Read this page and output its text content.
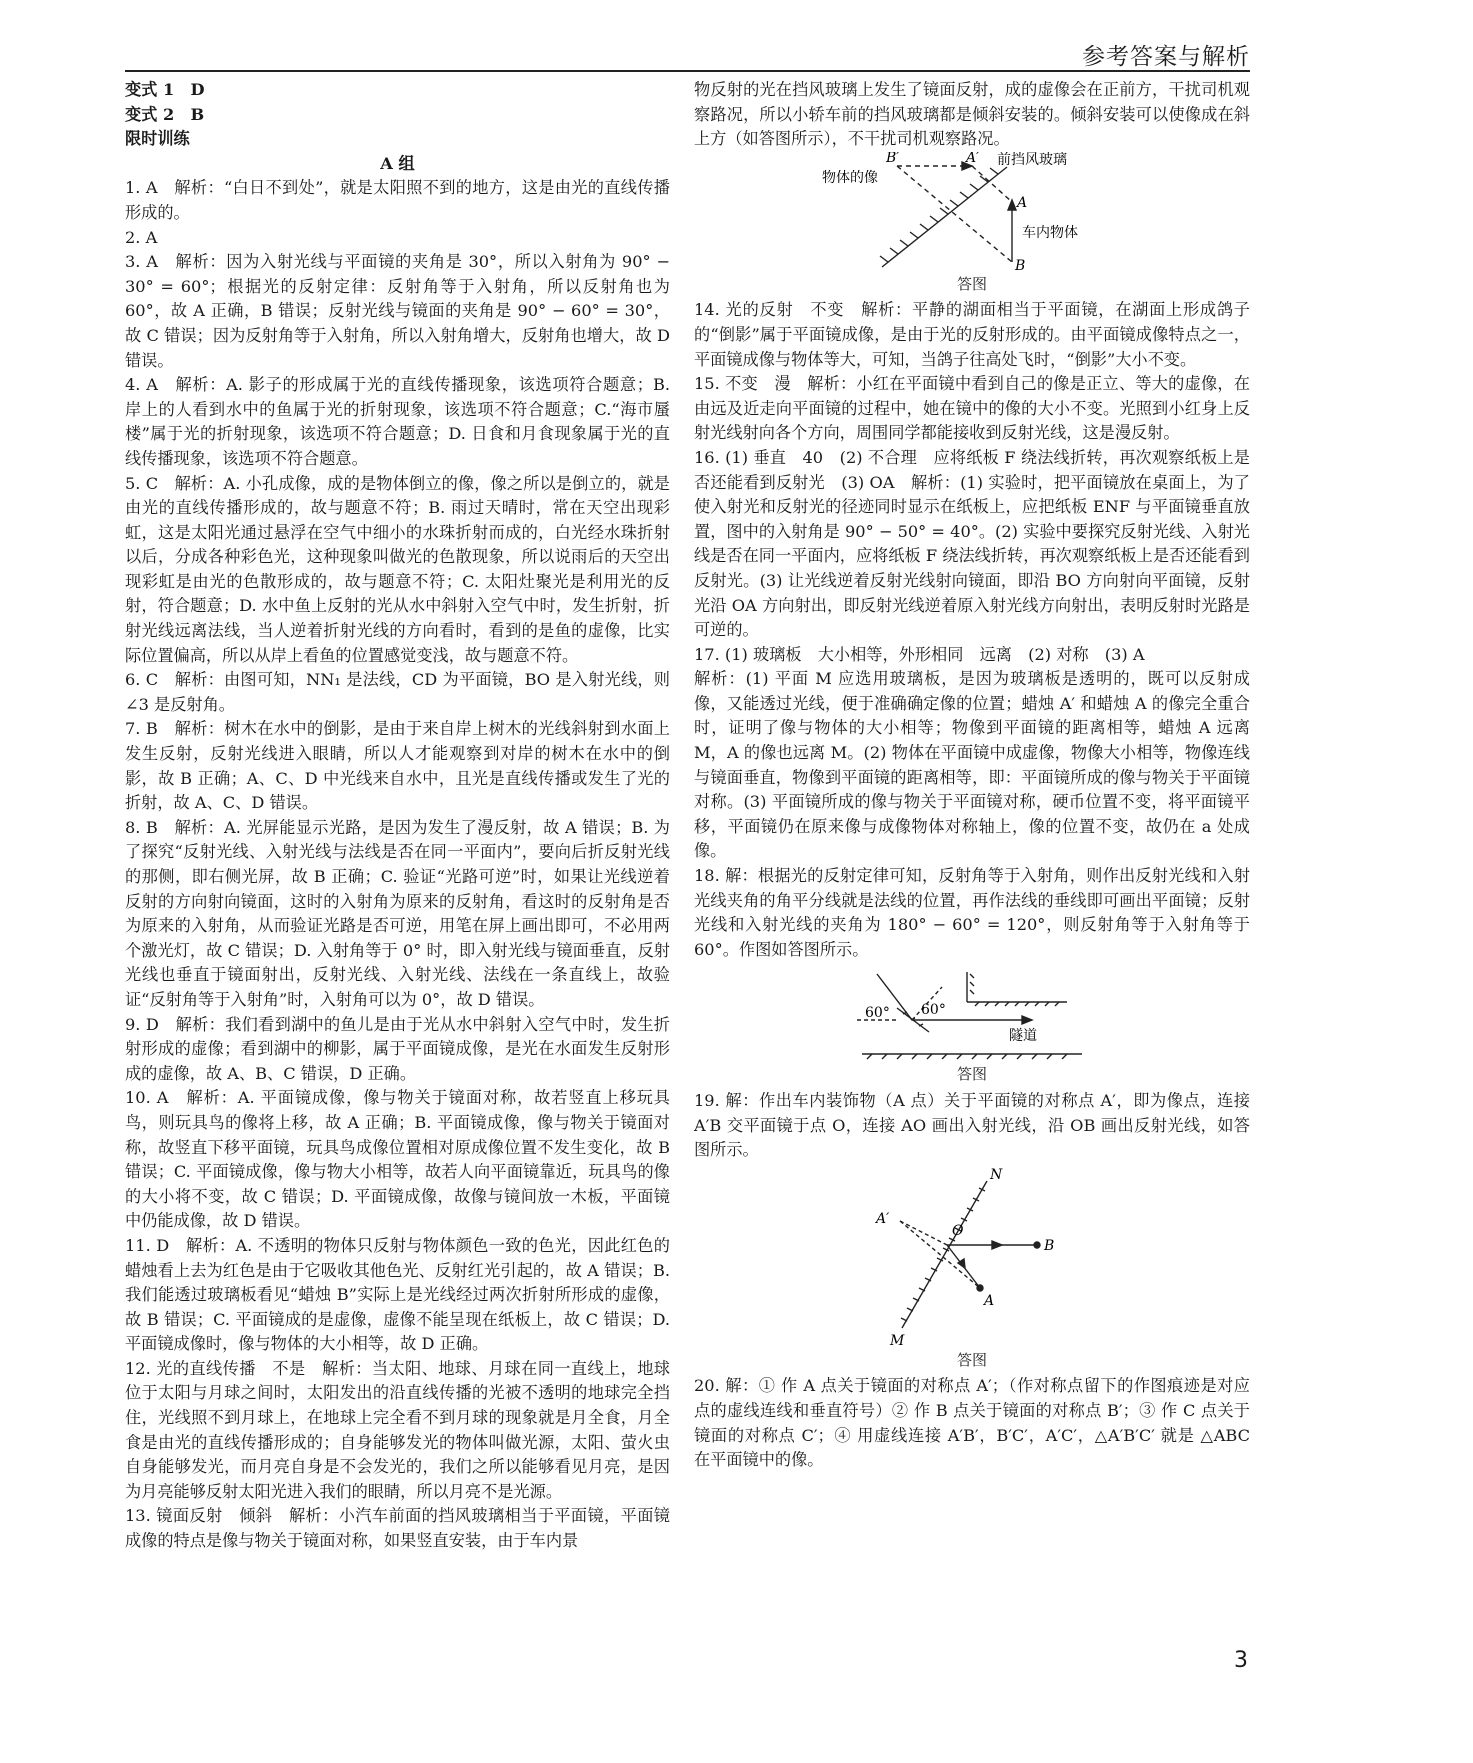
参考答案与解析

变式 1　D

变式 2　B

限时训练

A 组

1. A　解析：“白日不到处”，就是太阳照不到的地方，这是由光的直线传播形成的。

2. A

3. A　解析：因为入射光线与平面镜的夹角是 30°，所以入射角为 90° − 30° = 60°；根据光的反射定律：反射角等于入射角，所以反射角也为 60°，故 A 正确，B 错误；反射光线与镜面的夹角是 90° − 60° = 30°，故 C 错误；因为反射角等于入射角，所以入射角增大，反射角也增大，故 D 错误。

4. A　解析：A. 影子的形成属于光的直线传播现象，该选项符合题意；B. 岸上的人看到水中的鱼属于光的折射现象，该选项不符合题意；C.“海市蜃楼”属于光的折射现象，该选项不符合题意；D. 日食和月食现象属于光的直线传播现象，该选项不符合题意。

5. C　解析：A. 小孔成像，成的是物体倒立的像，像之所以是倒立的，就是由光的直线传播形成的，故与题意不符；B. 雨过天晴时，常在天空出现彩虹，这是太阳光通过悬浮在空气中细小的水珠折射而成的，白光经水珠折射以后，分成各种彩色光，这种现象叫做光的色散现象，所以说雨后的天空出现彩虹是由光的色散形成的，故与题意不符；C. 太阳灶聚光是利用光的反射，符合题意；D. 水中鱼上反射的光从水中斜射入空气中时，发生折射，折射光线远离法线，当人逆着折射光线的方向看时，看到的是鱼的虚像，比实际位置偏高，所以从岸上看鱼的位置感觉变浅，故与题意不符。

6. C　解析：由图可知，NN₁ 是法线，CD 为平面镜，BO 是入射光线，则 ∠3 是反射角。

7. B　解析：树木在水中的倒影，是由于来自岸上树木的光线斜射到水面上发生反射，反射光线进入眼睛，所以人才能观察到对岸的树木在水中的倒影，故 B 正确；A、C、D 中光线来自水中，且光是直线传播或发生了光的折射，故 A、C、D 错误。

8. B　解析：A. 光屏能显示光路，是因为发生了漫反射，故 A 错误；B. 为了探究“反射光线、入射光线与法线是否在同一平面内”，要向后折反射光线的那侧，即右侧光屏，故 B 正确；C. 验证“光路可逆”时，如果让光线逆着反射的方向射向镜面，这时的入射角为原来的反射角，看这时的反射角是否为原来的入射角，从而验证光路是否可逆，用笔在屏上画出即可，不必用两个激光灯，故 C 错误；D. 入射角等于 0° 时，即入射光线与镜面垂直，反射光线也垂直于镜面射出，反射光线、入射光线、法线在一条直线上，故验证“反射角等于入射角”时，入射角可以为 0°，故 D 错误。

9. D　解析：我们看到湖中的鱼儿是由于光从水中斜射入空气中时，发生折射形成的虚像；看到湖中的柳影，属于平面镜成像，是光在水面发生反射形成的虚像，故 A、B、C 错误，D 正确。

10. A　解析：A. 平面镜成像，像与物关于镜面对称，故若竖直上移玩具鸟，则玩具鸟的像将上移，故 A 正确；B. 平面镜成像，像与物关于镜面对称，故竖直下移平面镜，玩具鸟成像位置相对原成像位置不发生变化，故 B 错误；C. 平面镜成像，像与物大小相等，故若人向平面镜靠近，玩具鸟的像的大小将不变，故 C 错误；D. 平面镜成像，故像与镜间放一木板，平面镜中仍能成像，故 D 错误。

11. D　解析：A. 不透明的物体只反射与物体颜色一致的色光，因此红色的蜡烛看上去为红色是由于它吸收其他色光、反射红光引起的，故 A 错误；B. 我们能透过玻璃板看见“蜡烛 B”实际上是光线经过两次折射所形成的虚像，故 B 错误；C. 平面镜成的是虚像，虚像不能呈现在纸板上，故 C 错误；D. 平面镜成像时，像与物体的大小相等，故 D 正确。

12. 光的直线传播　不是　解析：当太阳、地球、月球在同一直线上，地球位于太阳与月球之间时，太阳发出的沿直线传播的光被不透明的地球完全挡住，光线照不到月球上，在地球上完全看不到月球的现象就是月全食，月全食是由光的直线传播形成的；自身能够发光的物体叫做光源，太阳、萤火虫自身能够发光，而月亮自身是不会发光的，我们之所以能够看见月亮，是因为月亮能够反射太阳光进入我们的眼睛，所以月亮不是光源。

13. 镜面反射　倾斜　解析：小汽车前面的挡风玻璃相当于平面镜，平面镜成像的特点是像与物关于镜面对称，如果竖直安装，由于车内景

物反射的光在挡风玻璃上发生了镜面反射，成的虚像会在正前方，干扰司机观察路况，所以小轿车前的挡风玻璃都是倾斜安装的。倾斜安装可以使像成在斜上方（如答图所示），不干扰司机观察路况。

B′	A′
A
B
前挡风玻璃
物体的像
车内物体

答图

14. 光的反射　不变　解析：平静的湖面相当于平面镜，在湖面上形成鸽子的“倒影”属于平面镜成像，是由于光的反射形成的。由平面镜成像特点之一，平面镜成像与物体等大，可知，当鸽子往高处飞时，“倒影”大小不变。

15. 不变　漫　解析：小红在平面镜中看到自己的像是正立、等大的虚像，在由远及近走向平面镜的过程中，她在镜中的像的大小不变。光照到小红身上反射光线射向各个方向，周围同学都能接收到反射光线，这是漫反射。

16. (1) 垂直　40　(2) 不合理　应将纸板 F 绕法线折转，再次观察纸板上是否还能看到反射光　(3) OA　解析：(1) 实验时，把平面镜放在桌面上，为了使入射光和反射光的径迹同时显示在纸板上，应把纸板 ENF 与平面镜垂直放置，图中的入射角是 90° − 50° = 40°。(2) 实验中要探究反射光线、入射光线是否在同一平面内，应将纸板 F 绕法线折转，再次观察纸板上是否还能看到反射光。(3) 让光线逆着反射光线射向镜面，即沿 BO 方向射向平面镜，反射光沿 OA 方向射出，即反射光线逆着原入射光线方向射出，表明反射时光路是可逆的。

17. (1) 玻璃板　大小相等，外形相同　远离　(2) 对称　(3) A

解析：(1) 平面 M 应选用玻璃板，是因为玻璃板是透明的，既可以反射成像，又能透过光线，便于准确确定像的位置；蜡烛 A′ 和蜡烛 A 的像完全重合时，证明了像与物体的大小相等；物像到平面镜的距离相等，蜡烛 A 远离 M，A 的像也远离 M。(2) 物体在平面镜中成虚像，物像大小相等，物像连线与镜面垂直，物像到平面镜的距离相等，即：平面镜所成的像与物关于平面镜对称。(3) 平面镜所成的像与物关于平面镜对称，硬币位置不变，将平面镜平移，平面镜仍在原来像与成像物体对称轴上，像的位置不变，故仍在 a 处成像。

18. 解：根据光的反射定律可知，反射角等于入射角，则作出反射光线和入射光线夹角的角平分线就是法线的位置，再作法线的垂线即可画出平面镜；反射光线和入射光线的夹角为 180° − 60° = 120°，则反射角等于入射角等于 60°。作图如答图所示。

60° 60°
隧道

答图

19. 解：作出车内装饰物（A 点）关于平面镜的对称点 A′，即为像点，连接 A′B 交平面镜于点 O，连接 AO 画出入射光线，沿 OB 画出反射光线，如答图所示。

N
O
A′
B
A
M

答图

20. 解：① 作 A 点关于镜面的对称点 A′；（作对称点留下的作图痕迹是对应点的虚线连线和垂直符号）② 作 B 点关于镜面的对称点 B′；③ 作 C 点关于镜面的对称点 C′；④ 用虚线连接 A′B′，B′C′，A′C′，△A′B′C′ 就是 △ABC 在平面镜中的像。

3
